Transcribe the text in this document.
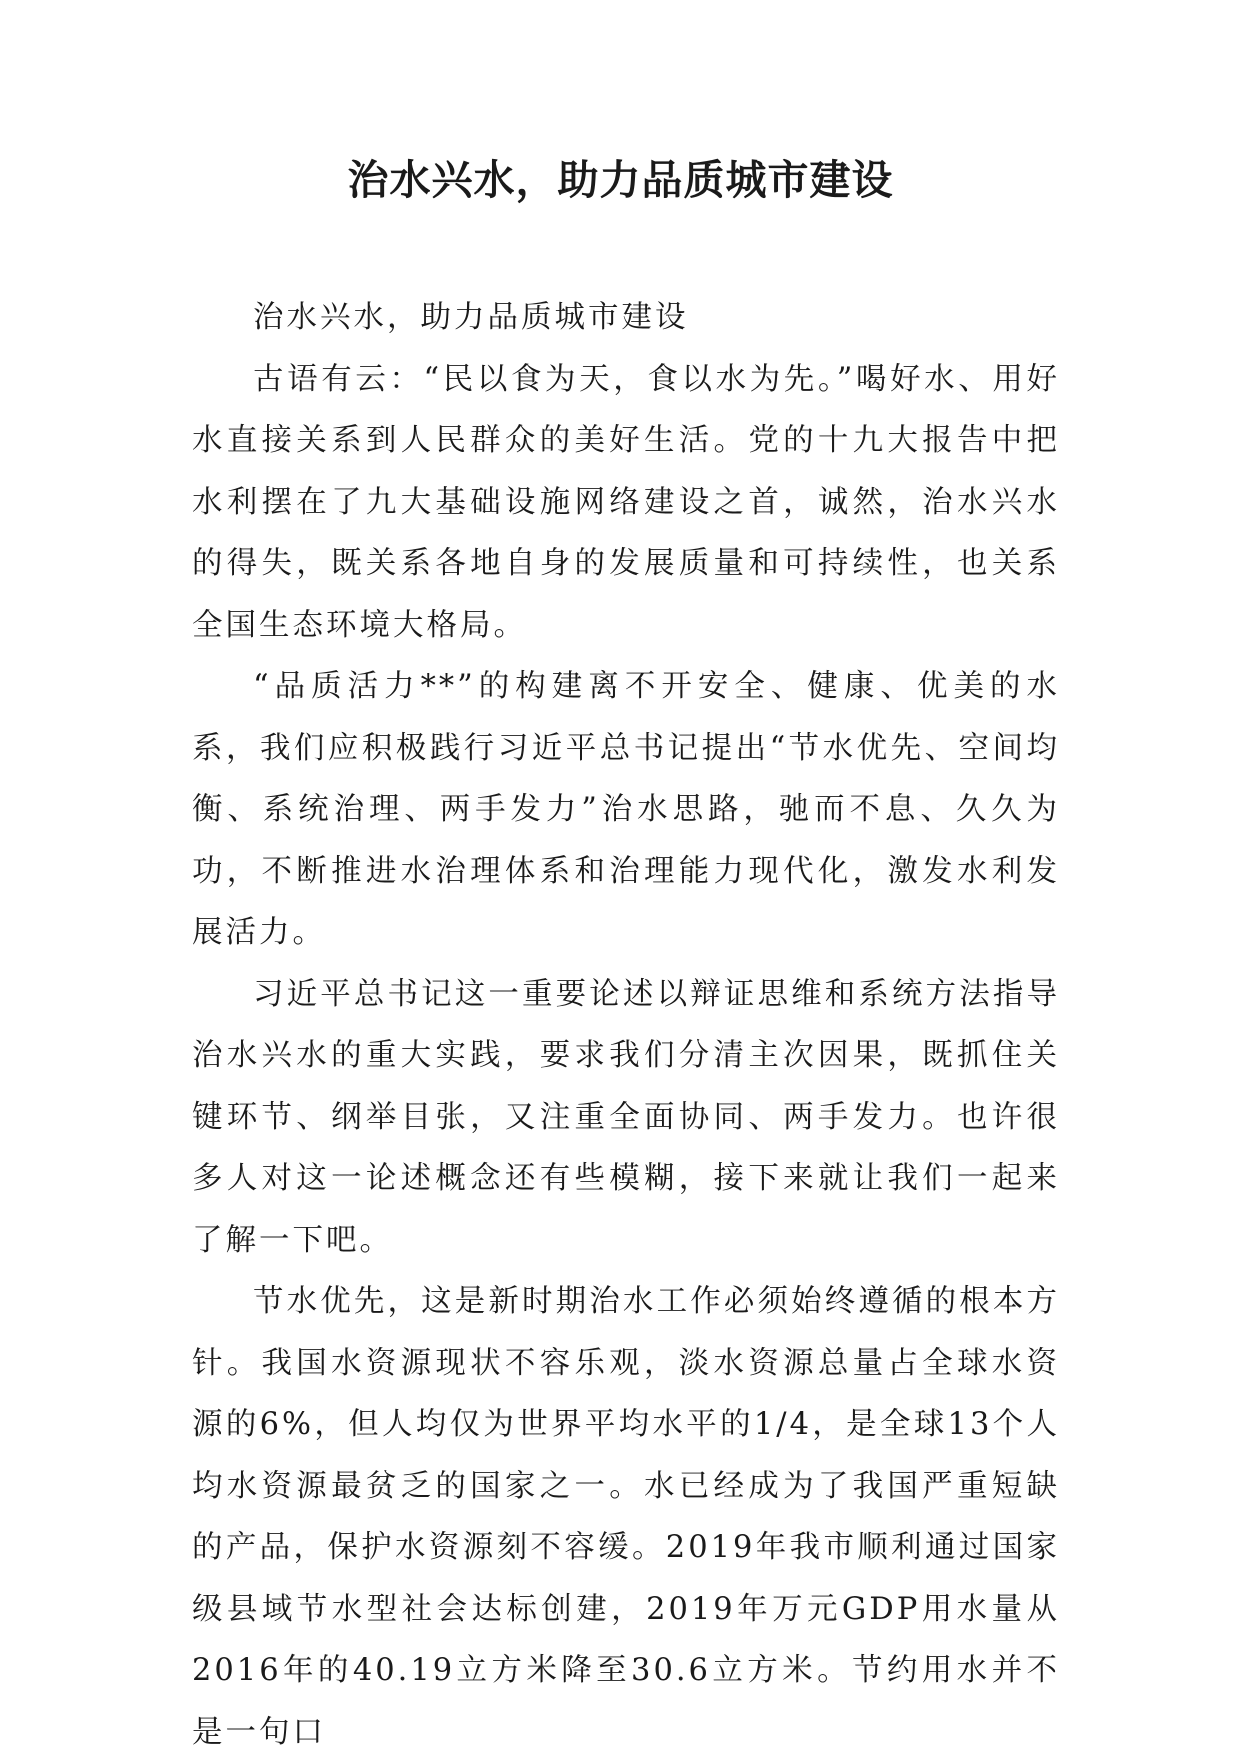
治水兴水，助力品质城市建设

治水兴水，助力品质城市建设

古语有云：“民以食为天，食以水为先。”喝好水、用好水直接关系到人民群众的美好生活。党的十九大报告中把水利摆在了九大基础设施网络建设之首，诚然，治水兴水的得失，既关系各地自身的发展质量和可持续性，也关系全国生态环境大格局。

“品质活力**”的构建离不开安全、健康、优美的水系，我们应积极践行习近平总书记提出“节水优先、空间均衡、系统治理、两手发力”治水思路，驰而不息、久久为功，不断推进水治理体系和治理能力现代化，激发水利发展活力。

习近平总书记这一重要论述以辩证思维和系统方法指导治水兴水的重大实践，要求我们分清主次因果，既抓住关键环节、纲举目张，又注重全面协同、两手发力。也许很多人对这一论述概念还有些模糊，接下来就让我们一起来了解一下吧。

节水优先，这是新时期治水工作必须始终遵循的根本方针。我国水资源现状不容乐观，淡水资源总量占全球水资源的6%，但人均仅为世界平均水平的1/4，是全球13个人均水资源最贫乏的国家之一。水已经成为了我国严重短缺的产品，保护水资源刻不容缓。2019年我市顺利通过国家级县域节水型社会达标创建，2019年万元GDP用水量从2016年的40.19立方米降至30.6立方米。节约用水并不是一句口
